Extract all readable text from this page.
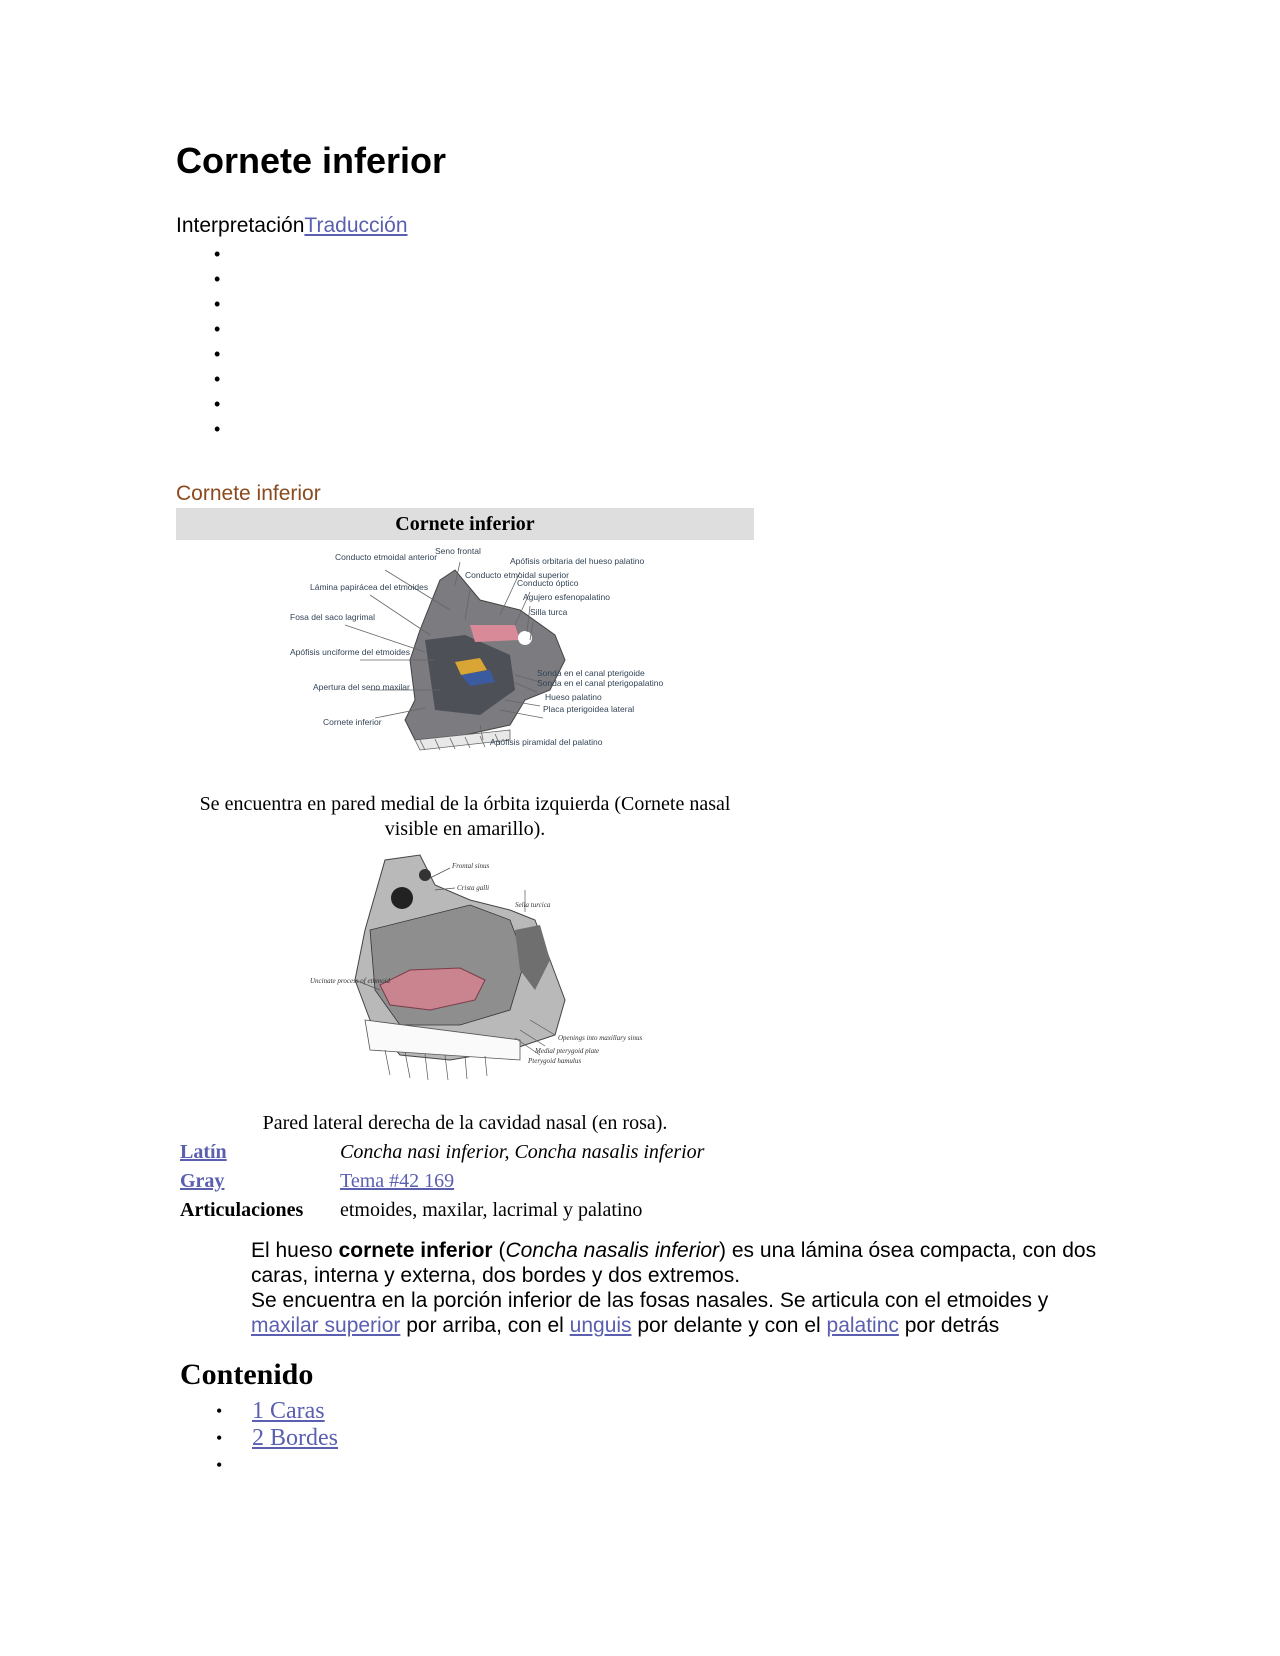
Cornete inferior
InterpretaciónTraducción
Cornete inferior
Cornete inferior
Conducto etmoidal anterior
Lámina papirácea del etmoides
Fosa del saco lagrimal
Apófisis unciforme del etmoides
Apertura del seno maxilar
Cornete inferior
Seno frontal
Conducto etmoidal superior
Apófisis orbitaria del hueso palatino
Conducto óptico
Agujero esfenopalatino
Silla turca
Sonda en el canal pterigoide
Sonda en el canal pterigopalatino
Hueso palatino
Placa pterigoidea lateral
Apófisis piramidal del palatino
Se encuentra en pared medial de la órbita izquierda (Cornete nasal visible en amarillo).
Frontal sinus
Crista galli
Sella turcica
Uncinate process of ethmoid
Openings into maxillary sinus
Medial pterygoid plate
Pterygoid hamulus
Pared lateral derecha de la cavidad nasal (en rosa).
Latín	Concha nasi inferior, Concha nasalis inferior
Gray	Tema #42 169
Articulaciones	etmoides, maxilar, lacrimal y palatino
El hueso cornete inferior (Concha nasalis inferior) es una lámina ósea compacta, con dos caras, interna y externa, dos bordes y dos extremos.
Se encuentra en la porción inferior de las fosas nasales. Se articula con el etmoides y maxilar superior por arriba, con el unguis por delante y con el palatinc por detrás
Contenido
• 1 Caras
• 2 Bordes
•
